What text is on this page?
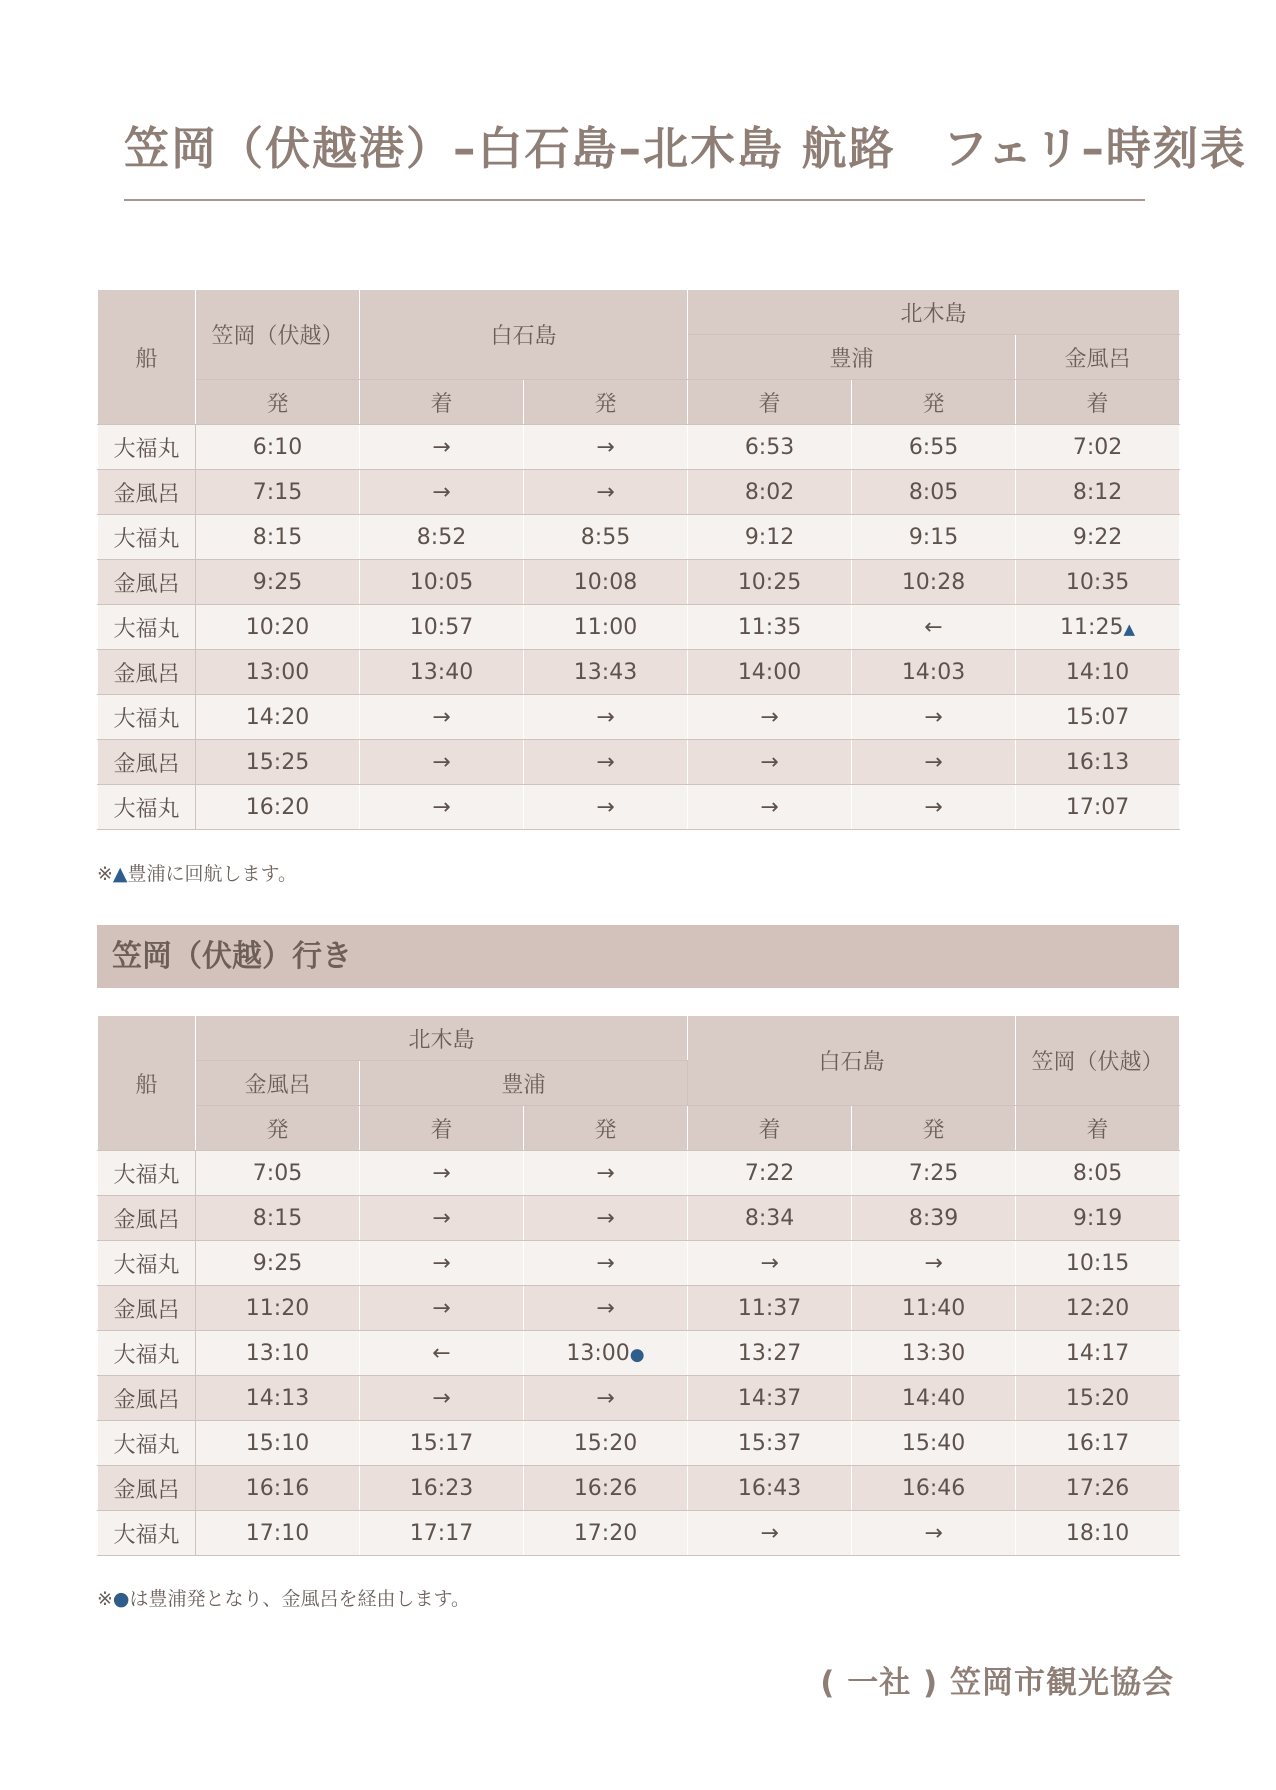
笠岡（伏越港）–白石島–北木島 航路　フェリ–時刻表
船	笠岡（伏越）	白石島		北木島		
				豊浦		金風呂
	発	着	発	着	発	着
大福丸	6:10	→	→	6:53	6:55	7:02
金風呂	7:15	→	→	8:02	8:05	8:12
大福丸	8:15	8:52	8:55	9:12	9:15	9:22
金風呂	9:25	10:05	10:08	10:25	10:28	10:35
大福丸	10:20	10:57	11:00	11:35	←	11:25▲
金風呂	13:00	13:40	13:43	14:00	14:03	14:10
大福丸	14:20	→	→	→	→	15:07
金風呂	15:25	→	→	→	→	16:13
大福丸	16:20	→	→	→	→	17:07
※▲豊浦に回航します。
笠岡（伏越）行き
船	北木島			白石島		笠岡（伏越）
	金風呂	豊浦				
	発	着	発	着	発	着
大福丸	7:05	→	→	7:22	7:25	8:05
金風呂	8:15	→	→	8:34	8:39	9:19
大福丸	9:25	→	→	→	→	10:15
金風呂	11:20	→	→	11:37	11:40	12:20
大福丸	13:10	←	13:00●	13:27	13:30	14:17
金風呂	14:13	→	→	14:37	14:40	15:20
大福丸	15:10	15:17	15:20	15:37	15:40	16:17
金風呂	16:16	16:23	16:26	16:43	16:46	17:26
大福丸	17:10	17:17	17:20	→	→	18:10
※●は豊浦発となり、金風呂を経由します。
( 一社 ) 笠岡市観光協会
